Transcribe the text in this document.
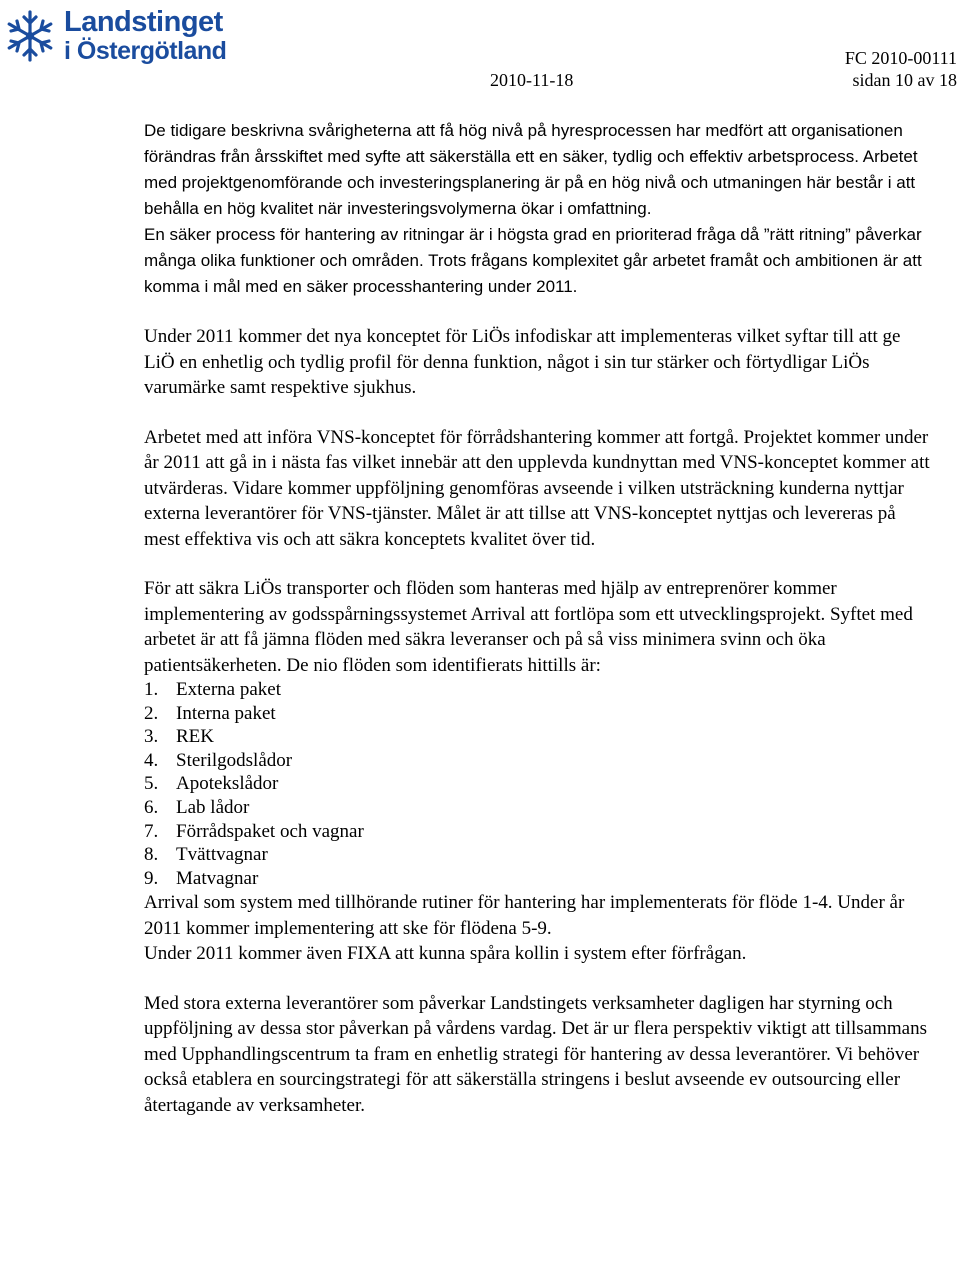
Landstinget
i Östergötland	FC 2010-00111
2010-11-18	sidan 10 av 18

De tidigare beskrivna svårigheterna att få hög nivå på hyresprocessen har medfört att organisationen förändras från årsskiftet med syfte att säkerställa ett en säker, tydlig och effektiv arbetsprocess. Arbetet med projektgenomförande och investeringsplanering är på en hög nivå och utmaningen här består i att behålla en hög kvalitet när investeringsvolymerna ökar i omfattning.

En säker process för hantering av ritningar är i högsta grad en prioriterad fråga då ”rätt ritning” påverkar många olika funktioner och områden. Trots frågans komplexitet går arbetet framåt och ambitionen är att komma i mål med en säker processhantering under 2011.

Under 2011 kommer det nya konceptet för LiÖs infodiskar att implementeras vilket syftar till att ge LiÖ en enhetlig och tydlig profil för denna funktion, något i sin tur stärker och förtydligar LiÖs varumärke samt respektive sjukhus.

Arbetet med att införa VNS-konceptet för förrådshantering kommer att fortgå. Projektet kommer under år 2011 att gå in i nästa fas vilket innebär att den upplevda kundnyttan med VNS-konceptet kommer att utvärderas. Vidare kommer uppföljning genomföras avseende i vilken utsträckning kunderna nyttjar externa leverantörer för VNS-tjänster. Målet är att tillse att VNS-konceptet nyttjas och levereras på mest effektiva vis och att säkra konceptets kvalitet över tid.

För att säkra LiÖs transporter och flöden som hanteras med hjälp av entreprenörer kommer implementering av godsspårningssystemet Arrival att fortlöpa som ett utvecklingsprojekt. Syftet med arbetet är att få jämna flöden med säkra leveranser och på så viss minimera svinn och öka patientsäkerheten. De nio flöden som identifierats hittills är:

1. Externa paket
2. Interna paket
3. REK
4. Sterilgodslådor
5. Apotekslådor
6. Lab lådor
7. Förrådspaket och vagnar
8. Tvättvagnar
9. Matvagnar

Arrival som system med tillhörande rutiner för hantering har implementerats för flöde 1-4. Under år 2011 kommer implementering att ske för flödena 5-9.

Under 2011 kommer även FIXA att kunna spåra kollin i system efter förfrågan.

Med stora externa leverantörer som påverkar Landstingets verksamheter dagligen har styrning och uppföljning av dessa stor påverkan på vårdens vardag. Det är ur flera perspektiv viktigt att tillsammans med Upphandlingscentrum ta fram en enhetlig strategi för hantering av dessa leverantörer. Vi behöver också etablera en sourcingstrategi för att säkerställa stringens i beslut avseende ev outsourcing eller återtagande av verksamheter.
